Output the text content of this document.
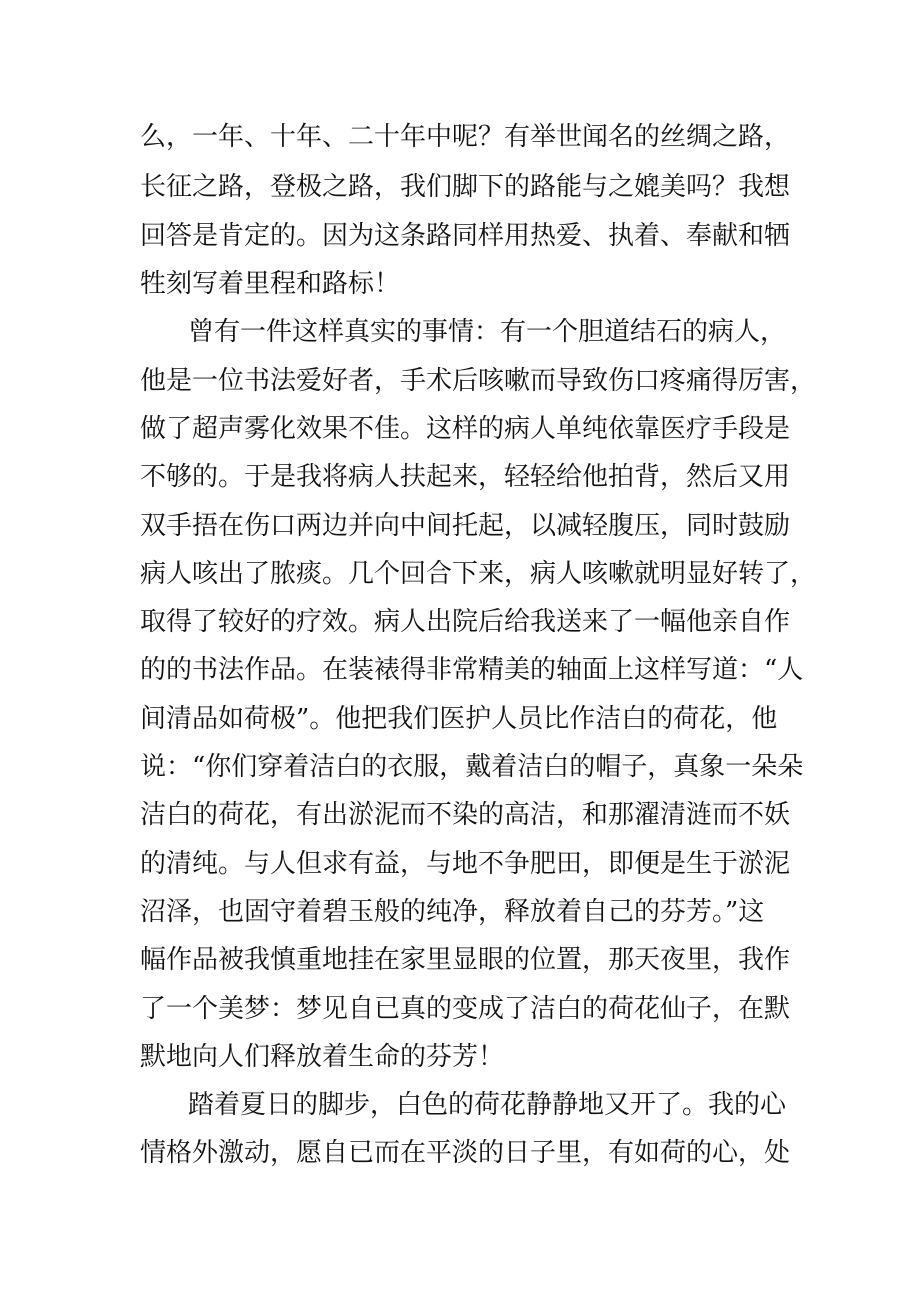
么，一年、十年、二十年中呢？有举世闻名的丝绸之路，
长征之路，登极之路，我们脚下的路能与之媲美吗？我想
回答是肯定的。因为这条路同样用热爱、执着、奉献和牺
牲刻写着里程和路标！
曾有一件这样真实的事情：有一个胆道结石的病人，
他是一位书法爱好者，手术后咳嗽而导致伤口疼痛得厉害，
做了超声雾化效果不佳。这样的病人单纯依靠医疗手段是
不够的。于是我将病人扶起来，轻轻给他拍背，然后又用
双手捂在伤口两边并向中间托起，以减轻腹压，同时鼓励
病人咳出了脓痰。几个回合下来，病人咳嗽就明显好转了，
取得了较好的疗效。病人出院后给我送来了一幅他亲自作
的的书法作品。在装裱得非常精美的轴面上这样写道：“人
间清品如荷极”。他把我们医护人员比作洁白的荷花，他
说：“你们穿着洁白的衣服，戴着洁白的帽子，真象一朵朵
洁白的荷花，有出淤泥而不染的高洁，和那濯清涟而不妖
的清纯。与人但求有益，与地不争肥田，即便是生于淤泥
沼泽，也固守着碧玉般的纯净，释放着自己的芬芳。”这
幅作品被我慎重地挂在家里显眼的位置，那天夜里，我作
了一个美梦：梦见自已真的变成了洁白的荷花仙子，在默
默地向人们释放着生命的芬芳！
踏着夏日的脚步，白色的荷花静静地又开了。我的心
情格外激动，愿自已而在平淡的日子里，有如荷的心，处
